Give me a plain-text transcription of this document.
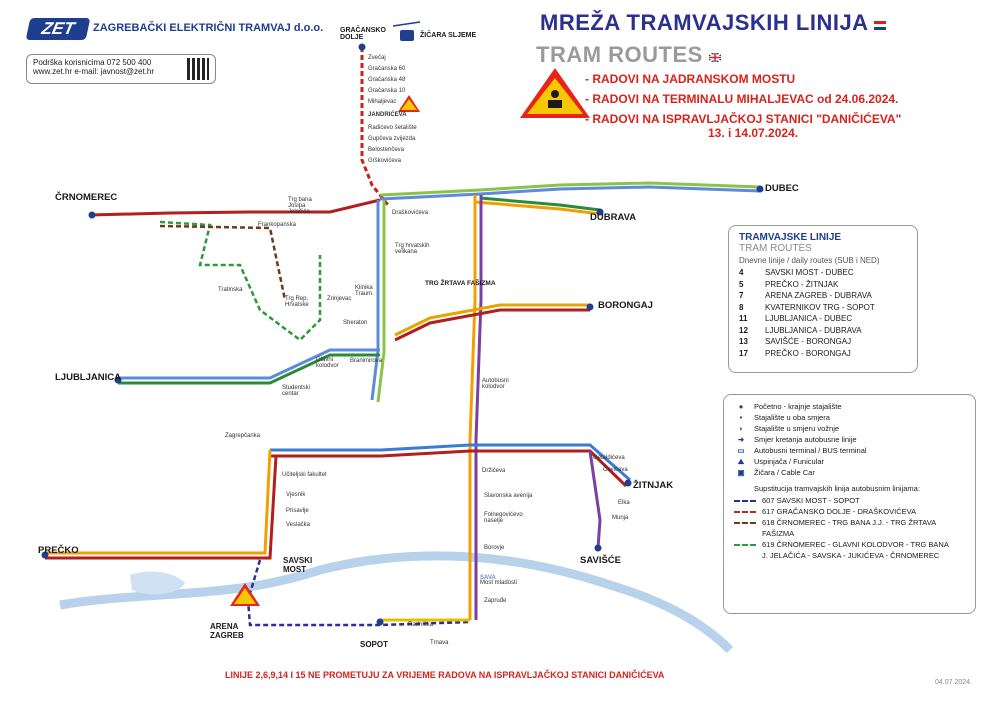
ZET	ZAGREBAČKI ELEKTRIČNI TRAMVAJ d.o.o.
Podrška korisnicima 072 500 400
www.zet.hr e-mail: javnost@zet.hr
MREŽA TRAMVAJSKIH LINIJA
TRAM ROUTES
- RADOVI NA JADRANSKOM MOSTU
- RADOVI NA TERMINALU MIHALJEVAC od 24.06.2024.
- RADOVI NA ISPRAVLJAČKOJ STANICI "DANIČIĆEVA"
13. i 14.07.2024.
TRAMVAJSKE LINIJE
TRAM ROUTES
Dnevne linije / daily routes (SUB i NED)
4	SAVSKI MOST - DUBEC
5	PREČKO - ŽITNJAK
7	ARENA ZAGREB - DUBRAVA
8	KVATERNIKOV TRG - SOPOT
11	LJUBLJANICA - DUBEC
12	LJUBLJANICA - DUBRAVA
13	SAVIŠĆE - BORONGAJ
17	PREČKO - BORONGAJ
●	Početno - krajnje stajalište
•	Stajalište u oba smjera
◗	Stajalište u smjeru vožnje
➜	Smjer kretanja autobusne linije
▭	Autobusni terminal / BUS terminal
⛰	Uspinjača / Funicular
▣	Žičara / Cable Car
Supstitucija tramvajskih linija autobusnim linijama:
607 SAVSKI MOST - SOPOT
617 GRAČANSKO DOLJE - DRAŠKOVIĆEVA
618 ČRNOMEREC - TRG BANA J.J. - TRG ŽRTAVA FAŠIZMA
619 ČRNOMEREC - GLAVNI KOLODVOR - TRG BANA J. JELAČIĆA - SAVSKA - JUKIĆEVA - ČRNOMEREC
ČRNOMEREC
LJUBLJANICA
PREČKO
SAVSKI MOST
ARENA ZAGREB
SOPOT
ŽITNJAK
SAVIŠĆE
BORONGAJ
DUBRAVA
DUBEC
GRAČANSKO DOLJE	ŽIČARA SLJEME
TRG ŽRTAVA FAŠIZMA
SAVA
Zvečaj
Gračanska 60
Gračanska 48
Gračanska 10
Mihaljevac
JANDRIĆEVA
Radićevo šetalište
Gupčeva zvijezda
Belostenčeva
Grškovićeva
Draškovićeva
Trg hrvatskih velikana
Zrinjevac
Trg Rep. Hrvatske
Trg bana Josipa Jelačića
Frankopanska
Tratinska
Glavni kolodvor
Branimirova
Sheraton
Klinika Traum.
Studentski centar
Zagrepčanka
Učiteljski fakultet
Vjesnik
Prisavlje
Veslačka
Autobusni kolodvor
Držićeva
Slavonska avenija
Folnegovićevo naselje
Borovje
Zapruđe
Most mladosti
Getaldićeva
Čavićeva
Munja
Elka
Radnička
Trnava
LINIJE 2,6,9,14 I 15 NE PROMETUJU ZA VRIJEME RADOVA NA ISPRAVLJAČKOJ STANICI DANIČIĆEVA
04.07.2024.
